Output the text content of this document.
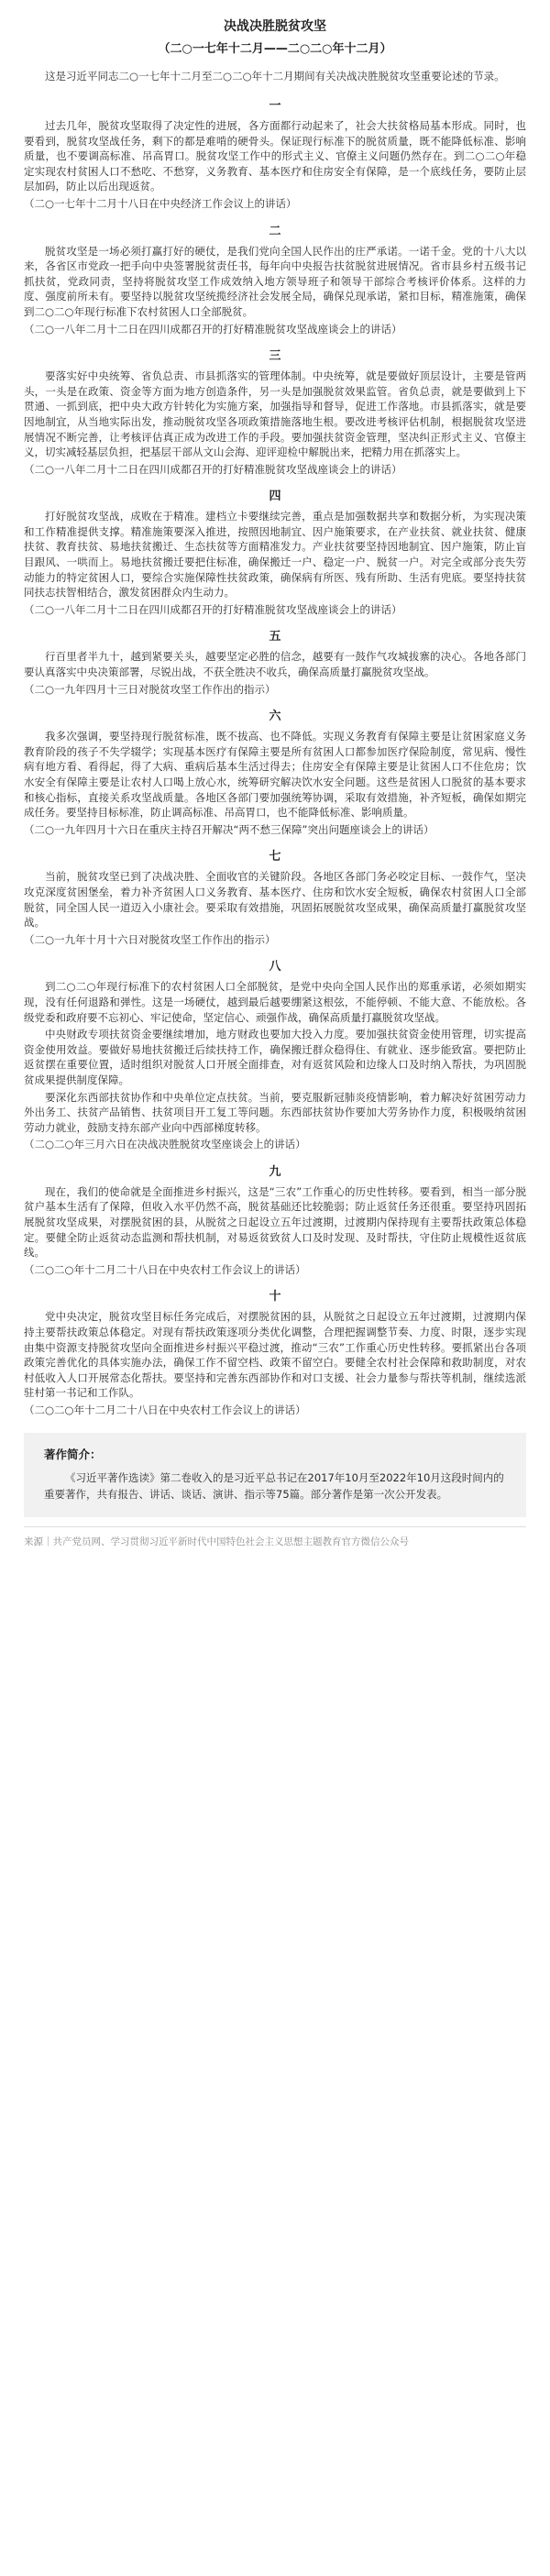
决战决胜脱贫攻坚
（二○一七年十二月——二○二○年十二月）

这是习近平同志二○一七年十二月至二○二○年十二月期间有关决战决胜脱贫攻坚重要论述的节录。

一

过去几年，脱贫攻坚取得了决定性的进展，各方面都行动起来了，社会大扶贫格局基本形成。同时，也要看到，脱贫攻坚战任务，剩下的都是难啃的硬骨头。保证现行标准下的脱贫质量，既不能降低标准、影响质量，也不要调高标准、吊高胃口。脱贫攻坚工作中的形式主义、官僚主义问题仍然存在。到二○二○年稳定实现农村贫困人口不愁吃、不愁穿，义务教育、基本医疗和住房安全有保障，是一个底线任务，要防止层层加码，防止以后出现返贫。

（二○一七年十二月十八日在中央经济工作会议上的讲话）

二

脱贫攻坚是一场必须打赢打好的硬仗，是我们党向全国人民作出的庄严承诺。一诺千金。党的十八大以来，各省区市党政一把手向中央签署脱贫责任书，每年向中央报告扶贫脱贫进展情况。省市县乡村五级书记抓扶贫，党政同责，坚持将脱贫攻坚工作成效纳入地方领导班子和领导干部综合考核评价体系。这样的力度、强度前所未有。要坚持以脱贫攻坚统揽经济社会发展全局，确保兑现承诺，紧扣目标，精准施策，确保到二○二○年现行标准下农村贫困人口全部脱贫。

（二○一八年二月十二日在四川成都召开的打好精准脱贫攻坚战座谈会上的讲话）

三

要落实好中央统筹、省负总责、市县抓落实的管理体制。中央统筹，就是要做好顶层设计，主要是管两头，一头是在政策、资金等方面为地方创造条件，另一头是加强脱贫效果监管。省负总责，就是要做到上下贯通、一抓到底，把中央大政方针转化为实施方案，加强指导和督导，促进工作落地。市县抓落实，就是要因地制宜，从当地实际出发，推动脱贫攻坚各项政策措施落地生根。要改进考核评估机制，根据脱贫攻坚进展情况不断完善，让考核评估真正成为改进工作的手段。要加强扶贫资金管理，坚决纠正形式主义、官僚主义，切实减轻基层负担，把基层干部从文山会海、迎评迎检中解脱出来，把精力用在抓落实上。

（二○一八年二月十二日在四川成都召开的打好精准脱贫攻坚战座谈会上的讲话）

四

打好脱贫攻坚战，成败在于精准。建档立卡要继续完善，重点是加强数据共享和数据分析，为实现决策和工作精准提供支撑。精准施策要深入推进，按照因地制宜、因户施策要求，在产业扶贫、就业扶贫、健康扶贫、教育扶贫、易地扶贫搬迁、生态扶贫等方面精准发力。产业扶贫要坚持因地制宜、因户施策，防止盲目跟风、一哄而上。易地扶贫搬迁要把住标准，确保搬迁一户、稳定一户、脱贫一户。对完全或部分丧失劳动能力的特定贫困人口，要综合实施保障性扶贫政策，确保病有所医、残有所助、生活有兜底。要坚持扶贫同扶志扶智相结合，激发贫困群众内生动力。

（二○一八年二月十二日在四川成都召开的打好精准脱贫攻坚战座谈会上的讲话）

五

行百里者半九十，越到紧要关头，越要坚定必胜的信念，越要有一鼓作气攻城拔寨的决心。各地各部门要认真落实中央决策部署，尽锐出战，不获全胜决不收兵，确保高质量打赢脱贫攻坚战。

（二○一九年四月十三日对脱贫攻坚工作作出的指示）

六

我多次强调，要坚持现行脱贫标准，既不拔高、也不降低。实现义务教育有保障主要是让贫困家庭义务教育阶段的孩子不失学辍学；实现基本医疗有保障主要是所有贫困人口都参加医疗保险制度，常见病、慢性病有地方看、看得起，得了大病、重病后基本生活过得去；住房安全有保障主要是让贫困人口不住危房；饮水安全有保障主要是让农村人口喝上放心水，统筹研究解决饮水安全问题。这些是贫困人口脱贫的基本要求和核心指标，直接关系攻坚战质量。各地区各部门要加强统筹协调，采取有效措施，补齐短板，确保如期完成任务。要坚持目标标准，防止调高标准、吊高胃口，也不能降低标准、影响质量。

（二○一九年四月十六日在重庆主持召开解决“两不愁三保障”突出问题座谈会上的讲话）

七

当前，脱贫攻坚已到了决战决胜、全面收官的关键阶段。各地区各部门务必咬定目标、一鼓作气，坚决攻克深度贫困堡垒，着力补齐贫困人口义务教育、基本医疗、住房和饮水安全短板，确保农村贫困人口全部脱贫，同全国人民一道迈入小康社会。要采取有效措施，巩固拓展脱贫攻坚成果，确保高质量打赢脱贫攻坚战。

（二○一九年十月十六日对脱贫攻坚工作作出的指示）

八

到二○二○年现行标准下的农村贫困人口全部脱贫，是党中央向全国人民作出的郑重承诺，必须如期实现，没有任何退路和弹性。这是一场硬仗，越到最后越要绷紧这根弦，不能停顿、不能大意、不能放松。各级党委和政府要不忘初心、牢记使命，坚定信心、顽强作战，确保高质量打赢脱贫攻坚战。

中央财政专项扶贫资金要继续增加，地方财政也要加大投入力度。要加强扶贫资金使用管理，切实提高资金使用效益。要做好易地扶贫搬迁后续扶持工作，确保搬迁群众稳得住、有就业、逐步能致富。要把防止返贫摆在重要位置，适时组织对脱贫人口开展全面排查，对有返贫风险和边缘人口及时纳入帮扶，为巩固脱贫成果提供制度保障。

要深化东西部扶贫协作和中央单位定点扶贫。当前，要克服新冠肺炎疫情影响，着力解决好贫困劳动力外出务工、扶贫产品销售、扶贫项目开工复工等问题。东西部扶贫协作要加大劳务协作力度，积极吸纳贫困劳动力就业，鼓励支持东部产业向中西部梯度转移。

（二○二○年三月六日在决战决胜脱贫攻坚座谈会上的讲话）

九

现在，我们的使命就是全面推进乡村振兴，这是“三农”工作重心的历史性转移。要看到，相当一部分脱贫户基本生活有了保障，但收入水平仍然不高，脱贫基础还比较脆弱；防止返贫任务还很重。要坚持巩固拓展脱贫攻坚成果，对摆脱贫困的县，从脱贫之日起设立五年过渡期，过渡期内保持现有主要帮扶政策总体稳定。要健全防止返贫动态监测和帮扶机制，对易返贫致贫人口及时发现、及时帮扶，守住防止规模性返贫底线。

（二○二○年十二月二十八日在中央农村工作会议上的讲话）

十

党中央决定，脱贫攻坚目标任务完成后，对摆脱贫困的县，从脱贫之日起设立五年过渡期，过渡期内保持主要帮扶政策总体稳定。对现有帮扶政策逐项分类优化调整，合理把握调整节奏、力度、时限，逐步实现由集中资源支持脱贫攻坚向全面推进乡村振兴平稳过渡，推动“三农”工作重心历史性转移。要抓紧出台各项政策完善优化的具体实施办法，确保工作不留空档、政策不留空白。要健全农村社会保障和救助制度，对农村低收入人口开展常态化帮扶。要坚持和完善东西部协作和对口支援、社会力量参与帮扶等机制，继续选派驻村第一书记和工作队。

（二○二○年十二月二十八日在中央农村工作会议上的讲话）

著作简介：

《习近平著作选读》第二卷收入的是习近平总书记在2017年10月至2022年10月这段时间内的重要著作，共有报告、讲话、谈话、演讲、指示等75篇。部分著作是第一次公开发表。

来源｜共产党员网、学习贯彻习近平新时代中国特色社会主义思想主题教育官方微信公众号
